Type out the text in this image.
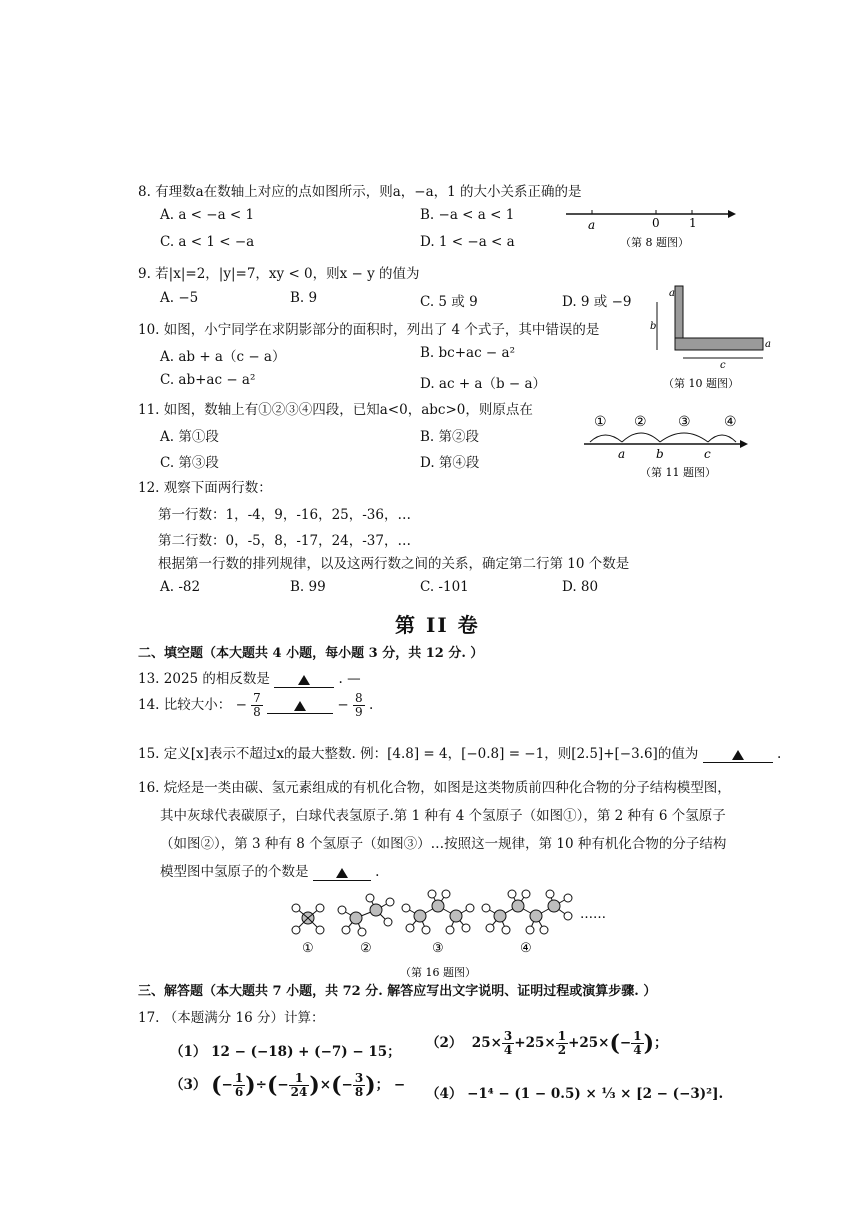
8. 有理数a在数轴上对应的点如图所示，则a，−a，1 的大小关系正确的是
A. a < −a < 1	B. −a < a < 1
C. a < 1 < −a	D. 1 < −a < a
a	0 1
（第 8 题图）
9. 若|x|=2，|y|=7，xy < 0，则x − y 的值为
A. −5	B. 9	C. 5 或 9	D. 9 或 −9
10. 如图，小宁同学在求阴影部分的面积时，列出了 4 个式子，其中错误的是
A. ab + a（c − a）	B. bc+ac − a²
C. ab+ac − a²	D. ac + a（b − a）
a
b
c
a
（第 10 题图）
11. 如图，数轴上有①②③④四段，已知a<0，abc>0，则原点在
A. 第①段	B. 第②段
C. 第③段	D. 第④段
① ② ③ ④
a	b	c
（第 11 题图）
12. 观察下面两行数：
第一行数：1，-4，9，-16，25，-36，…
第二行数：0，-5，8，-17，24，-37，…
根据第一行数的排列规律，以及这两行数之间的关系，确定第二行第 10 个数是
A. -82	B. 99	C. -101	D. 80
第 II 卷
二、填空题（本大题共 4 小题，每小题 3 分，共 12 分. ）
13. 2025 的相反数是	. —
14. 比较大小： − $\frac{7}{8}$	− $\frac{8}{9}$ .
15. 定义[x]表示不超过x的最大整数. 例：[4.8] = 4，[−0.8] = −1，则[2.5]+[−3.6]的值为	.
16. 烷烃是一类由碳、氢元素组成的有机化合物，如图是这类物质前四种化合物的分子结构模型图，
其中灰球代表碳原子，白球代表氢原子.第 1 种有 4 个氢原子（如图①），第 2 种有 6 个氢原子
（如图②），第 3 种有 8 个氢原子（如图③）…按照这一规律，第 10 种有机化合物的分子结构
模型图中氢原子的个数是	.
……
①	②	③	④
（第 16 题图）
三、解答题（本大题共 7 小题，共 72 分. 解答应写出文字说明、证明过程或演算步骤. ）
17. （本题满分 16 分）计算：
（1） 12 − (−18) + (−7) − 15；
（2）  $25\times \frac{3}{4} +25\times \frac{1}{2} +25\times(- \frac{1}{4}$ )；
（3） (− $\frac{1}{6}$ )÷(− $\frac{1}{24}$ )×(− $\frac{3}{8}$ )； −
（4） −1⁴ − (1 − 0.5) × ⅓ × [2 − (−3)²].
